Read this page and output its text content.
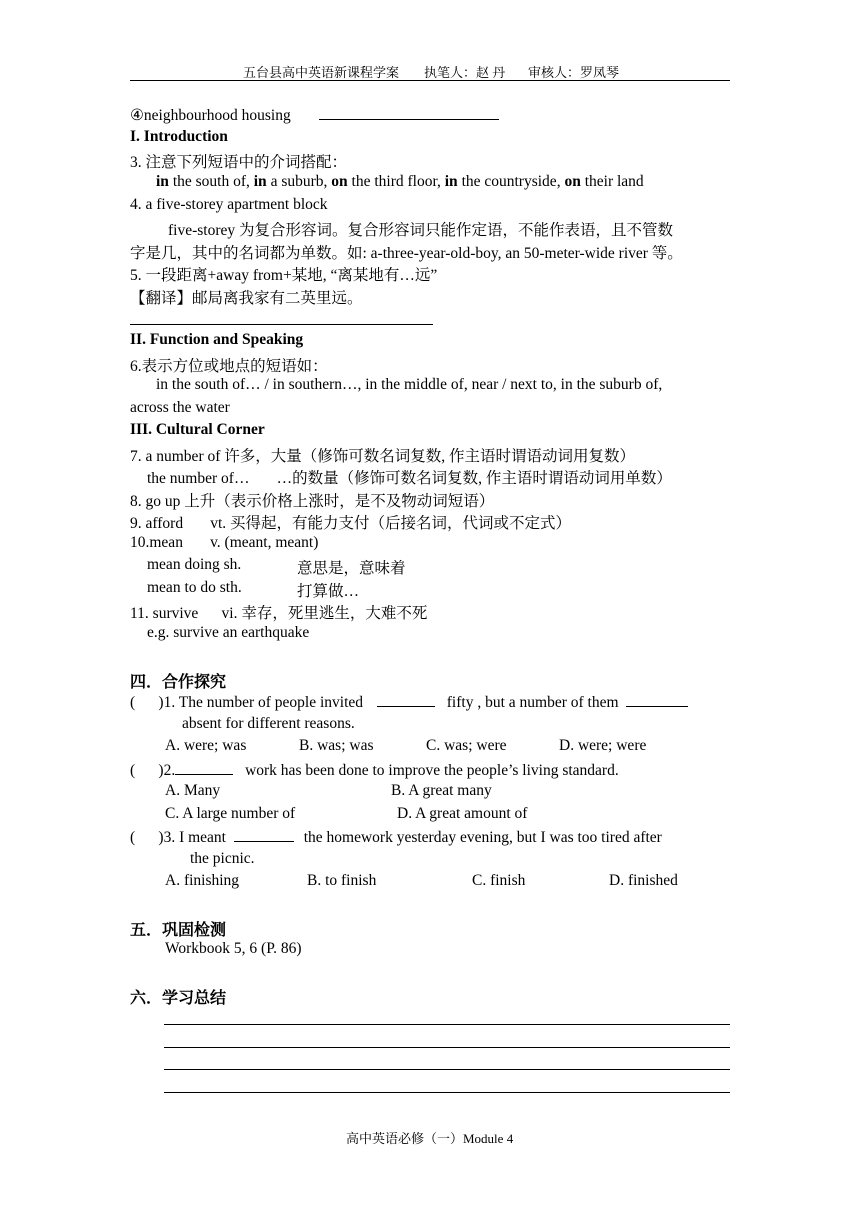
五台县高中英语新课程学案 执笔人：赵 丹 审核人：罗凤琴
④neighbourhood housing
I. Introduction
3. 注意下列短语中的介词搭配：
in the south of, in a suburb, on the third floor, in the countryside, on their land
4. a five-storey apartment block
five-storey 为复合形容词。复合形容词只能作定语，不能作表语，且不管数
字是几，其中的名词都为单数。如: a-three-year-old-boy, an 50-meter-wide river 等。
5. 一段距离+away from+某地, “离某地有…远”
【翻译】邮局离我家有二英里远。
II. Function and Speaking
6.表示方位或地点的短语如：
in the south of… / in southern…, in the middle of, near / next to, in the suburb of,
across the water
III. Cultural Corner
7. a number of 许多，大量（修饰可数名词复数, 作主语时谓语动词用复数）
the number of…       …的数量（修饰可数名词复数, 作主语时谓语动词用单数）
8. go up 上升（表示价格上涨时，是不及物动词短语）
9. afford       vt. 买得起，有能力支付（后接名词，代词或不定式）
10.mean       v. (meant, meant)
mean doing sh.	意思是，意味着
mean to do sth.	打算做…
11. survive      vi. 幸存，死里逃生，大难不死
e.g. survive an earthquake
四．合作探究
(      )1. The number of people invited	fifty , but a number of them
absent for different reasons.
A. were; was	B. was; was	C. was; were	D. were; were
(      )2.	work has been done to improve the people’s living standard.
A. Many	B. A great many
C. A large number of	D. A great amount of
(      )3. I meant	the homework yesterday evening, but I was too tired after
the picnic.
A. finishing	B. to finish	C. finish	D. finished
五．巩固检测
Workbook 5, 6 (P. 86)
六．学习总结
高中英语必修（一）Module 4
